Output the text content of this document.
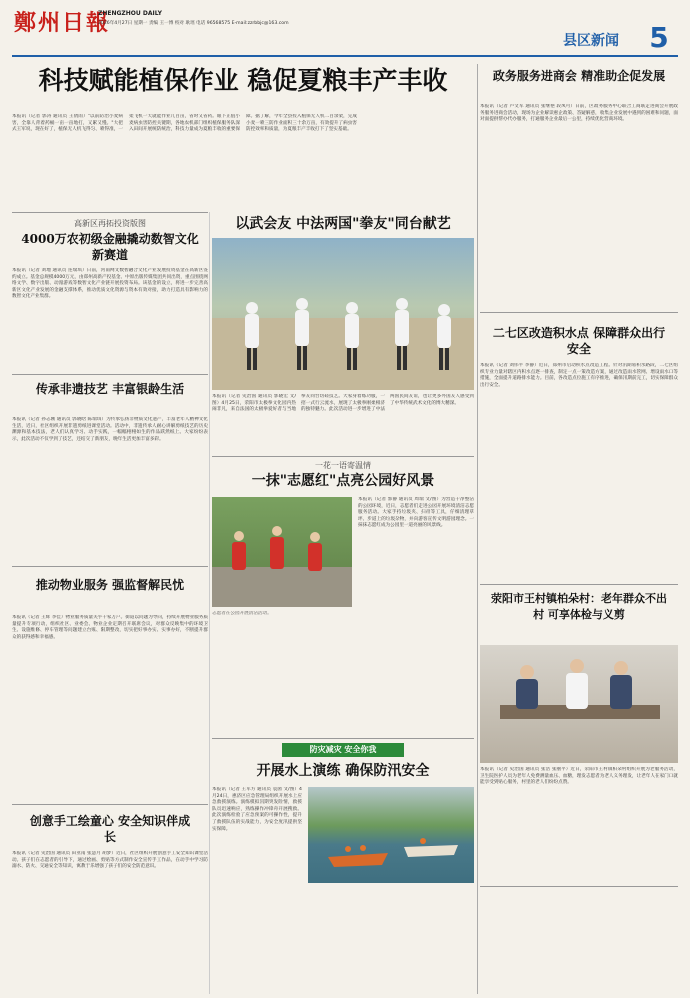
鄭州日報
ZHENGZHOU DAILY
2026年4月27日 星期一 责编 王一博 校对 耿瑶 电话 96568575 E-mail:zzrbbjc@163.com
县区新闻	5
科技赋能植保作业 稳促夏粮丰产丰收
本报讯（记者 郭涛 通讯员 王倩雨）"以前防治小麦病害，全靠人背着药桶一亩一亩地打，又累又慢。"大把式王军说，现在好了，植保无人机飞得匀、喷得准，一架飞机一天就能作业几百亩，省时又省药。眼下正值小麦病虫害防控关键期，各地农机部门组织植保服务队深入田间开展统防统治，科技力量成为夏粮丰收的重要保障。据了解，今年全县投入植保无人机二百余架，完成小麦一喷三防作业面积三十余万亩，有效提升了病虫害防控效率和质量，为夏粮丰产丰收打下了坚实基础。
高新区再拓投资版图
4000万农初级金融撬动数智文化新赛道
本报讯（记者 刘地 通讯员 连瑞琪）日前，河南网文数智融合文化产业发展投资基金在高新区签约成立。基金总规模4000万元，由郑州高新产投基金、中原出版传媒集团共同出资，重点围绕网络文学、数字出版、动漫游戏等数智文化产业链开展投资布局。该基金的设立，将进一步完善高新区文化产业发展的金融支撑体系，推动优质文化资源与资本有效对接，助力打造具有影响力的数智文化产业集群。
以武会友 中法两国"拳友"同台献艺
本报讯（记者 史治国 通讯员 郭晓宏 文/图）4月25日，荥阳市太极拳文化园内热闹非凡，来自法国的太极拳爱好者与当地拳友同台切磋技艺。大家身着练功服，一招一式行云流水，展现了太极拳刚柔相济的独特魅力。此次活动进一步增进了中法两国民间友谊，也让更多外国友人感受到了中华传统武术文化的博大精深。
传承非遗技艺 丰富银龄生活
本报讯（记者 孙志刚 通讯员 郭晓晗 陈瑞琪）为传承弘扬非物质文化遗产，丰富老年人精神文化生活，近日，社区组织开展非遗剪纸进课堂活动。活动中，非遗传承人耐心讲解剪纸技艺的历史渊源和基本技法，老人们认真学习、动手实践，一幅幅栩栩如生的作品跃然纸上。大家纷纷表示，此次活动不仅学到了技艺，还结交了新朋友，晚年生活更加丰富多彩。
一花一语寄温情
一抹"志愿红"点亮公园好风景
本报讯（记者 郭静 通讯员 周瑞 文/图）为营造干净整洁的公园环境，近日，志愿者们走进公园开展环境清洁志愿服务活动。大家手持垃圾夹、扫帚等工具，仔细清理草坪、步道上的垃圾杂物，并向游客宣传文明游园理念。一抹抹志愿红成为公园里一道亮丽的风景线。
志愿者在公园开展清洁活动。
推动物业服务 强监督解民忧
本报讯（记者 王辉 李佳）物业服务质量关乎千家万户。街道以问题为导向，持续开展物业服务质量提升专项行动，组织社区、业委会、物业企业定期召开联席会议，对群众反映集中的环境卫生、设施维修、停车管理等问题建立台账、限期整改，切实把好事办实、实事办好，不断提升群众的获得感和幸福感。
政务服务进商会 精准助企促发展
本报讯（记者 卢文军 通讯员 张继艳 段凤可）日前，区政务服务中心联合工商联走进商会开展政务服务进商会活动，现场为企业解读惠企政策、答疑解惑，收集企业发展中遇到的困难和问题，面对面提供帮办代办服务，打通服务企业最后一公里，持续优化营商环境。
二七区改造积水点 保障群众出行安全
本报讯（记者 刘伟平 李静）近日，郑州市启动积水点改造工程。针对汛期易积水路段，二七区组织专业力量对辖区内积水点逐一排查，制定一点一策改造方案，通过改造雨水管网、增设雨水口等措施，全面提升道路排水能力。目前，各改造点位施工有序推进，确保汛期前完工，切实保障群众出行安全。
荥阳市王村镇柏朵村：老年群众不出村 可享体检与义剪
本报讯（记者 史治国 通讯员 张浩 张丽平）近日，荥阳市王村镇柏朵村组织开展为老服务活动，卫生院医护人员为老年人免费测量血压、血糖，理发志愿者为老人义务理发，让老年人在家门口就能享受到贴心服务，村里的老人们纷纷点赞。
创意手工绘童心 安全知识伴成长
本报讯（记者 史治国 通讯员 田亚南 张慧月 胡梦）近日，社区组织开展创意手工安全知识课堂活动。孩子们在志愿者的引导下，通过绘画、剪贴等方式制作安全宣传手工作品，在动手中学习防溺水、防火、交通安全等知识，寓教于乐增强了孩子们的安全防范意识。
防灾减灾 安全你我
开展水上演练 确保防汛安全
本报讯（记者 王军方 通讯员 袁菌 文/图）4月24日，惠济区应急管理局组织开展水上应急救援演练。演练模拟汛期突发险情，救援队员迅速响应，熟练操作冲锋舟开展搜救。此次演练检验了应急预案的可操作性，提升了救援队伍的实战能力，为安全度汛提供坚实保障。
